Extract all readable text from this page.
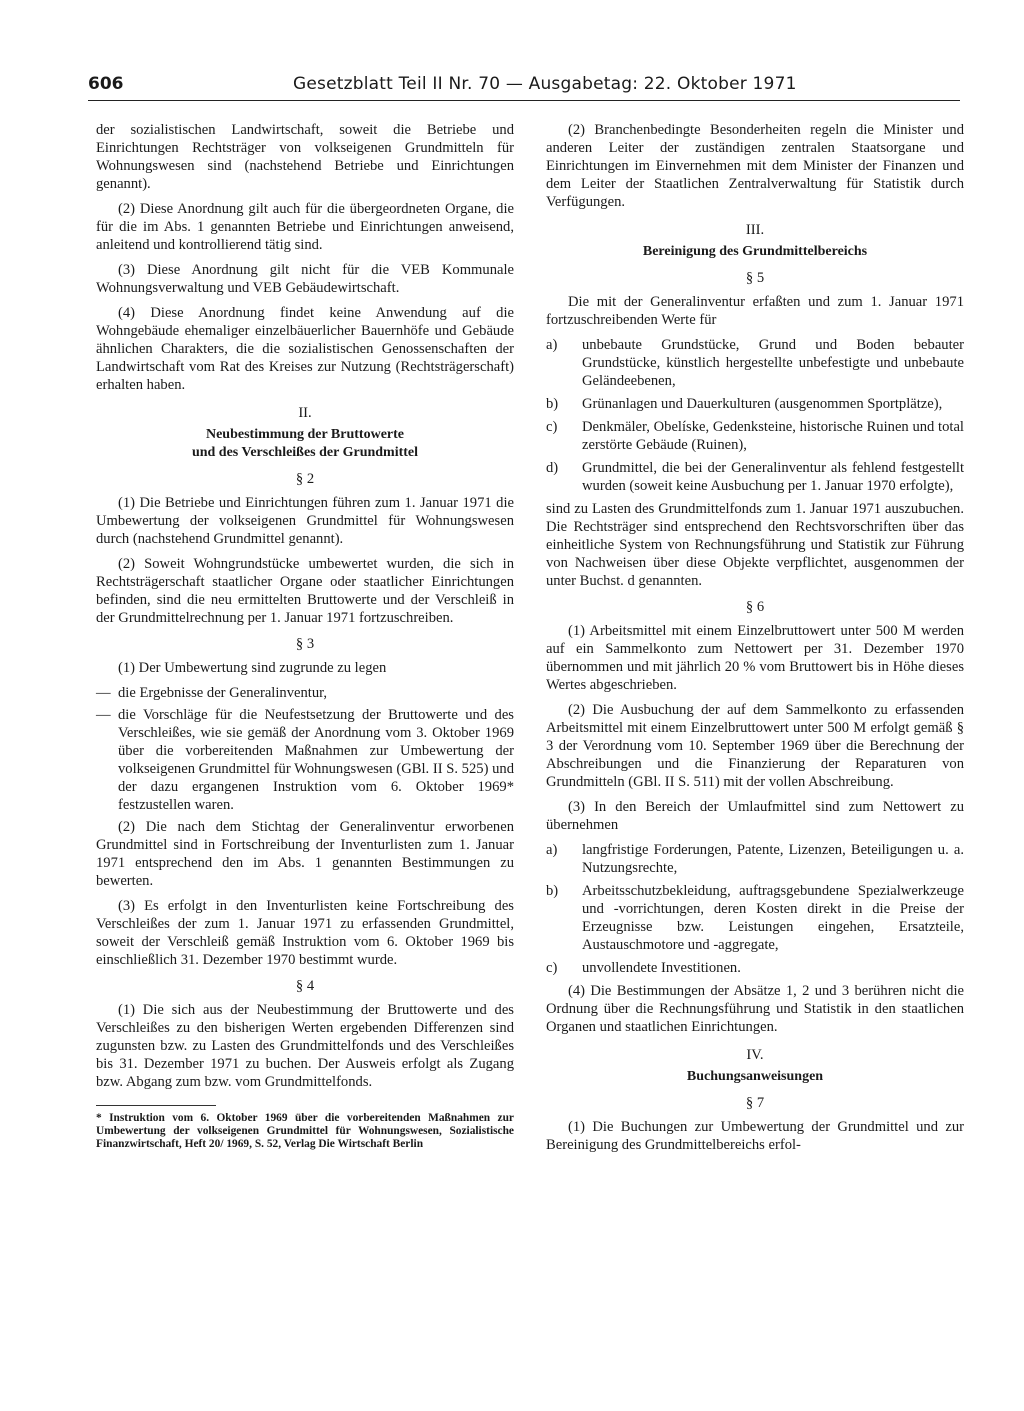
606	Gesetzblatt Teil II Nr. 70 — Ausgabetag: 22. Oktober 1971

der sozialistischen Landwirtschaft, soweit die Betriebe und Einrichtungen Rechtsträger von volkseigenen Grundmitteln für Wohnungswesen sind (nachstehend Betriebe und Einrichtungen genannt).

(2) Diese Anordnung gilt auch für die übergeordneten Organe, die für die im Abs. 1 genannten Betriebe und Einrichtungen anweisend, anleitend und kontrollierend tätig sind.

(3) Diese Anordnung gilt nicht für die VEB Kommunale Wohnungsverwaltung und VEB Gebäudewirtschaft.

(4) Diese Anordnung findet keine Anwendung auf die Wohngebäude ehemaliger einzelbäuerlicher Bauernhöfe und Gebäude ähnlichen Charakters, die die sozialistischen Genossenschaften der Landwirtschaft vom Rat des Kreises zur Nutzung (Rechtsträgerschaft) erhalten haben.

II.
Neubestimmung der Bruttowerte
und des Verschleißes der Grundmittel
§ 2

(1) Die Betriebe und Einrichtungen führen zum 1. Januar 1971 die Umbewertung der volkseigenen Grundmittel für Wohnungswesen durch (nachstehend Grundmittel genannt).

(2) Soweit Wohngrundstücke umbewertet wurden, die sich in Rechtsträgerschaft staatlicher Organe oder staatlicher Einrichtungen befinden, sind die neu ermittelten Bruttowerte und der Verschleiß in der Grundmittelrechnung per 1. Januar 1971 fortzuschreiben.

§ 3

(1) Der Umbewertung sind zugrunde zu legen

— die Ergebnisse der Generalinventur,
— die Vorschläge für die Neufestsetzung der Bruttowerte und des Verschleißes, wie sie gemäß der Anordnung vom 3. Oktober 1969 über die vorbereitenden Maßnahmen zur Umbewertung der volkseigenen Grundmittel für Wohnungswesen (GBl. II S. 525) und der dazu ergangenen Instruktion vom 6. Oktober 1969* festzustellen waren.

(2) Die nach dem Stichtag der Generalinventur erworbenen Grundmittel sind in Fortschreibung der Inventurlisten zum 1. Januar 1971 entsprechend den im Abs. 1 genannten Bestimmungen zu bewerten.

(3) Es erfolgt in den Inventurlisten keine Fortschreibung des Verschleißes der zum 1. Januar 1971 zu erfassenden Grundmittel, soweit der Verschleiß gemäß Instruktion vom 6. Oktober 1969 bis einschließlich 31. Dezember 1970 bestimmt wurde.

§ 4

(1) Die sich aus der Neubestimmung der Bruttowerte und des Verschleißes zu den bisherigen Werten ergebenden Differenzen sind zugunsten bzw. zu Lasten des Grundmittelfonds und des Verschleißes bis 31. Dezember 1971 zu buchen. Der Ausweis erfolgt als Zugang bzw. Abgang zum bzw. vom Grundmittelfonds.

* Instruktion vom 6. Oktober 1969 über die vorbereitenden Maßnahmen zur Umbewertung der volkseigenen Grundmittel für Wohnungswesen, Sozialistische Finanzwirtschaft, Heft 20/ 1969, S. 52, Verlag Die Wirtschaft Berlin

(2) Branchenbedingte Besonderheiten regeln die Minister und anderen Leiter der zuständigen zentralen Staatsorgane und Einrichtungen im Einvernehmen mit dem Minister der Finanzen und dem Leiter der Staatlichen Zentralverwaltung für Statistik durch Verfügungen.

III.
Bereinigung des Grundmittelbereichs
§ 5

Die mit der Generalinventur erfaßten und zum 1. Januar 1971 fortzuschreibenden Werte für

a)	unbebaute Grundstücke, Grund und Boden bebauter Grundstücke, künstlich hergestellte unbefestigte und unbebaute Geländeebenen,
b)	Grünanlagen und Dauerkulturen (ausgenommen Sportplätze),
c)	Denkmäler, Obelíske, Gedenksteine, historische Ruinen und total zerstörte Gebäude (Ruinen),
d)	Grundmittel, die bei der Generalinventur als fehlend festgestellt wurden (soweit keine Ausbuchung per 1. Januar 1970 erfolgte),

sind zu Lasten des Grundmittelfonds zum 1. Januar 1971 auszubuchen. Die Rechtsträger sind entsprechend den Rechtsvorschriften über das einheitliche System von Rechnungsführung und Statistik zur Führung von Nachweisen über diese Objekte verpflichtet, ausgenommen der unter Buchst. d genannten.

§ 6

(1) Arbeitsmittel mit einem Einzelbruttowert unter 500 M werden auf ein Sammelkonto zum Nettowert per 31. Dezember 1970 übernommen und mit jährlich 20 % vom Bruttowert bis in Höhe dieses Wertes abgeschrieben.

(2) Die Ausbuchung der auf dem Sammelkonto zu erfassenden Arbeitsmittel mit einem Einzelbruttowert unter 500 M erfolgt gemäß § 3 der Verordnung vom 10. September 1969 über die Berechnung der Abschreibungen und die Finanzierung der Reparaturen von Grundmitteln (GBl. II S. 511) mit der vollen Abschreibung.

(3) In den Bereich der Umlaufmittel sind zum Nettowert zu übernehmen

a)	langfristige Forderungen, Patente, Lizenzen, Beteiligungen u. a. Nutzungsrechte,
b)	Arbeitsschutzbekleidung, auftragsgebundene Spezialwerkzeuge und -vorrichtungen, deren Kosten direkt in die Preise der Erzeugnisse bzw. Leistungen eingehen, Ersatzteile, Austauschmotore und -aggregate,
c)	unvollendete Investitionen.

(4) Die Bestimmungen der Absätze 1, 2 und 3 berühren nicht die Ordnung über die Rechnungsführung und Statistik in den staatlichen Organen und staatlichen Einrichtungen.

IV.
Buchungsanweisungen
§ 7

(1) Die Buchungen zur Umbewertung der Grundmittel und zur Bereinigung des Grundmittelbereichs erfol-
